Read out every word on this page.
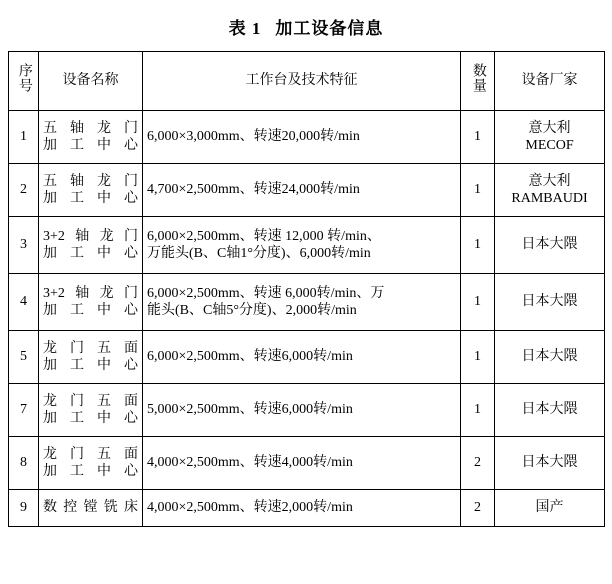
表 1 加工设备信息
序号	设备名称	工作台及技术特征	数量	设备厂家
1	五 轴 龙 门
加工中心	6,000×3,000mm、转速20,000转/min	1	意大利
MECOF

2	五 轴 龙 门
加工中心	4,700×2,500mm、转速24,000转/min	1	意大利
RAMBAUDI

3	3+2轴龙门
加工中心	6,000×2,500mm、转速 12,000 转/min、
万能头(B、C轴1°分度)、6,000转/min	1	日本大隈

4	3+2轴龙门
加工中心	6,000×2,500mm、转速 6,000转/min、万
能头(B、C轴5°分度)、2,000转/min	1	日本大隈

5	龙 门 五 面
加工中心	6,000×2,500mm、转速6,000转/min	1	日本大隈

7	龙 门 五 面
加工中心	5,000×2,500mm、转速6,000转/min	1	日本大隈

8	龙 门 五 面
加工中心	4,000×2,500mm、转速4,000转/min	2	日本大隈

9	数控镗铣床	4,000×2,500mm、转速2,000转/min	2	国产
